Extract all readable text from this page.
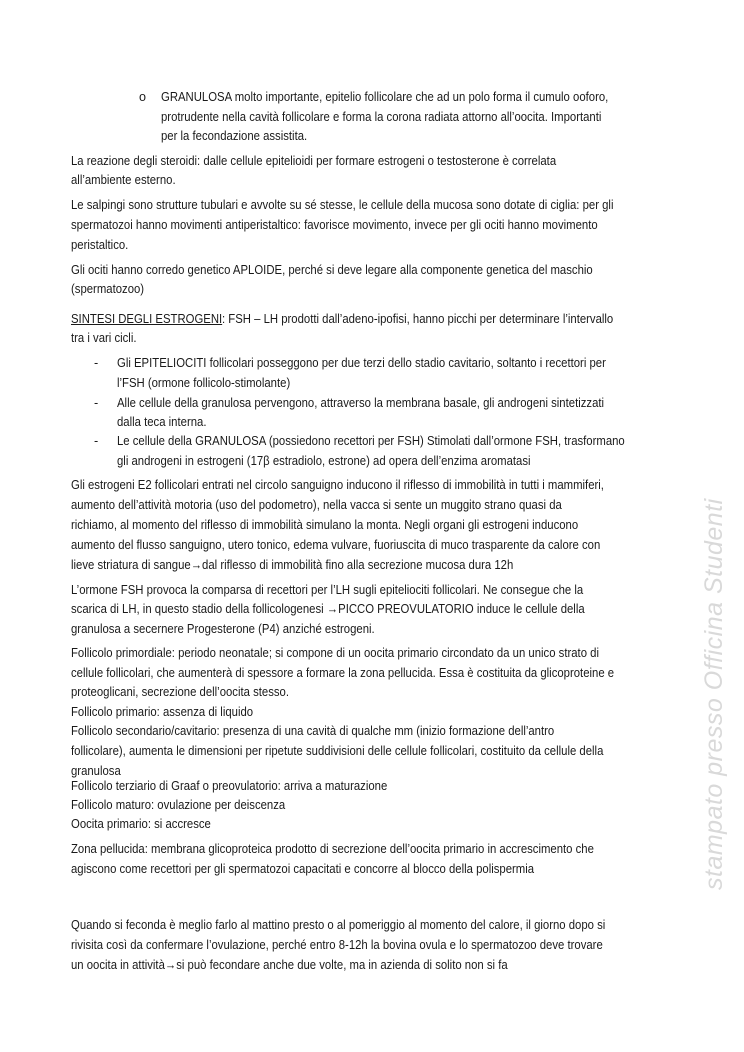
o GRANULOSA molto importante, epitelio follicolare che ad un polo forma il cumulo ooforo,
protrudente nella cavità follicolare e forma la corona radiata attorno all’oocita. Importanti
per la fecondazione assistita.
La reazione degli steroidi: dalle cellule epitelioidi per formare estrogeni o testosterone è correlata
all’ambiente esterno.
Le salpingi sono strutture tubulari e avvolte su sé stesse, le cellule della mucosa sono dotate di ciglia: per gli
spermatozoi hanno movimenti antiperistaltico: favorisce movimento, invece per gli ociti hanno movimento
peristaltico.
Gli ociti hanno corredo genetico APLOIDE, perché si deve legare alla componente genetica del maschio
(spermatozoo)
SINTESI DEGLI ESTROGENI : FSH – LH prodotti dall’adeno-ipofisi, hanno picchi per determinare l’intervallo
tra i vari cicli.
- Gli EPITELIOCITI follicolari posseggono per due terzi dello stadio cavitario, soltanto i recettori per
l’FSH (ormone follicolo-stimolante)
- Alle cellule della granulosa pervengono, attraverso la membrana basale, gli androgeni sintetizzati
dalla teca interna.
- Le cellule della GRANULOSA (possiedono recettori per FSH) Stimolati dall’ormone FSH, trasformano
gli androgeni in estrogeni (17β estradiolo, estrone) ad opera dell’enzima aromatasi
Gli estrogeni E2 follicolari entrati nel circolo sanguigno inducono il riflesso di immobilità in tutti i mammiferi,
aumento dell’attività motoria (uso del podometro), nella vacca si sente un muggito strano quasi da
richiamo, al momento del riflesso di immobilità simulano la monta. Negli organi gli estrogeni inducono
aumento del flusso sanguigno, utero tonico, edema vulvare, fuoriuscita di muco trasparente da calore con
lieve striatura di sangue→dal riflesso di immobilità fino alla secrezione mucosa dura 12h
L’ormone FSH provoca la comparsa di recettori per l’LH sugli epiteliociti follicolari. Ne consegue che la
scarica di LH, in questo stadio della follicologenesi →PICCO PREOVULATORIO induce le cellule della
granulosa a secernere Progesterone (P4) anziché estrogeni.
Follicolo primordiale: periodo neonatale; si compone di un oocita primario circondato da un unico strato di
cellule follicolari, che aumenterà di spessore a formare la zona pellucida. Essa è costituita da glicoproteine e
proteoglicani, secrezione dell’oocita stesso.
Follicolo primario: assenza di liquido
Follicolo secondario/cavitario: presenza di una cavità di qualche mm (inizio formazione dell’antro
follicolare), aumenta le dimensioni per ripetute suddivisioni delle cellule follicolari, costituito da cellule della
granulosa
Follicolo terziario di Graaf o preovulatorio: arriva a maturazione
Follicolo maturo: ovulazione per deiscenza
Oocita primario: si accresce
Zona pellucida: membrana glicoproteica prodotto di secrezione dell’oocita primario in accrescimento che
agiscono come recettori per gli spermatozoi capacitati e concorre al blocco della polispermia
Quando si feconda è meglio farlo al mattino presto o al pomeriggio al momento del calore, il giorno dopo si
rivisita così da confermare l’ovulazione, perché entro 8-12h la bovina ovula e lo spermatozoo deve trovare
un oocita in attività→si può fecondare anche due volte, ma in azienda di solito non si fa
stampato presso Officina Studenti
